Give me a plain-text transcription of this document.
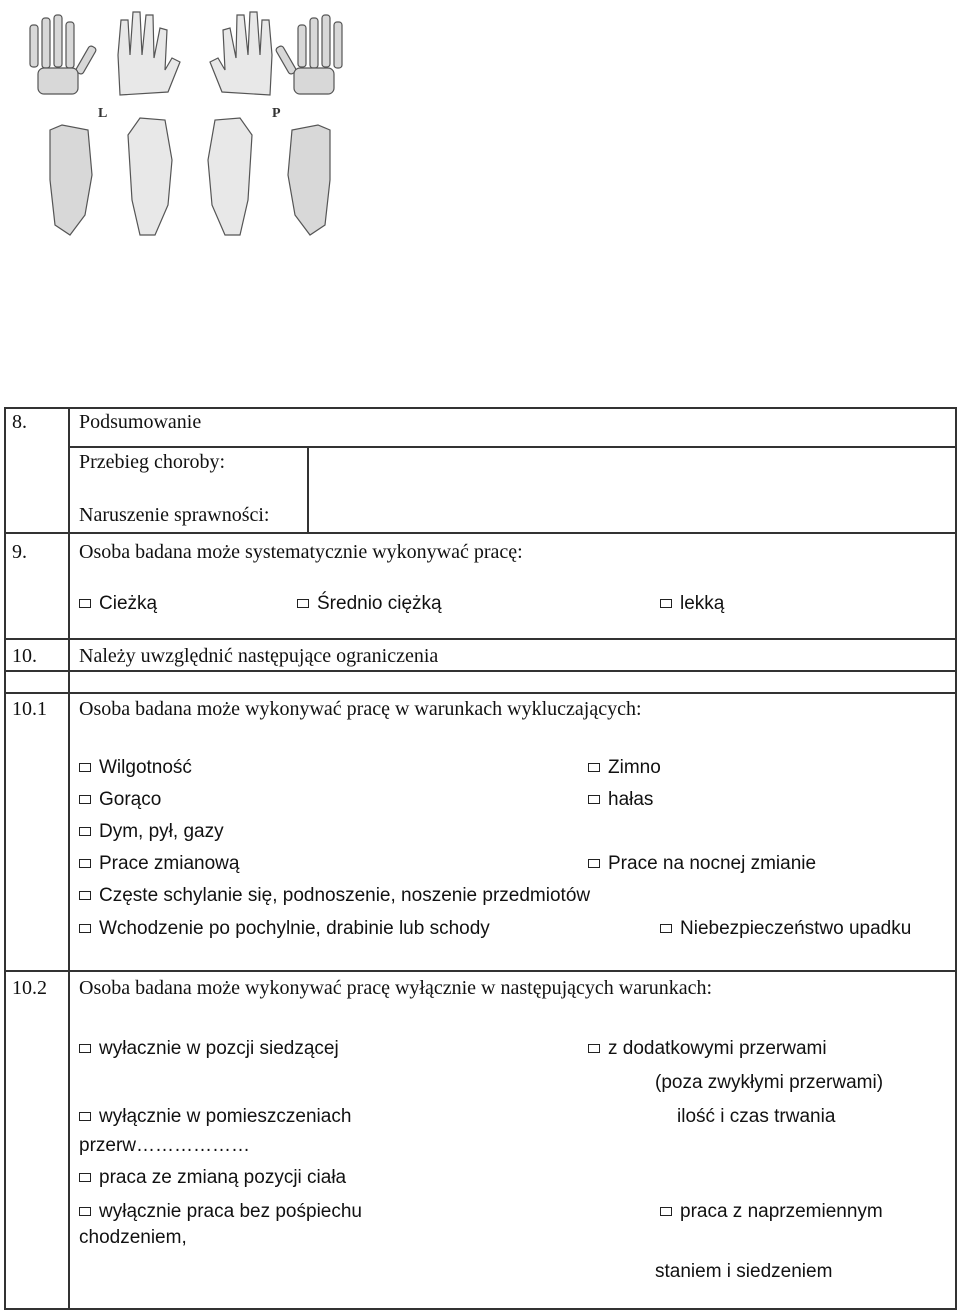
L	P
8.	Podsumowanie
Przebieg choroby:
Naruszenie sprawności:
9.	Osoba badana może systematycznie wykonywać pracę:
Cieżką	Średnio ciężką	lekką
10. Należy uwzględnić następujące ograniczenia
10.1 Osoba badana może wykonywać pracę w warunkach wykluczających:
Wilgotność	Zimno
Gorąco	hałas
Dym, pył, gazy
Prace zmianową	Prace na nocnej zmianie
Częste schylanie się, podnoszenie, noszenie przedmiotów
Wchodzenie po pochylnie, drabinie lub schody	Niebezpieczeństwo upadku
10.2 Osoba badana może wykonywać pracę wyłącznie w następujących warunkach:
wyłacznie w pozcji siedzącej	z dodatkowymi przerwami
(poza zwykłymi przerwami)
wyłącznie w pomieszczeniach	ilość i czas trwania
przerw………………
praca ze zmianą pozycji ciała
wyłącznie praca bez pośpiechu	praca z naprzemiennym
chodzeniem,
staniem i siedzeniem
